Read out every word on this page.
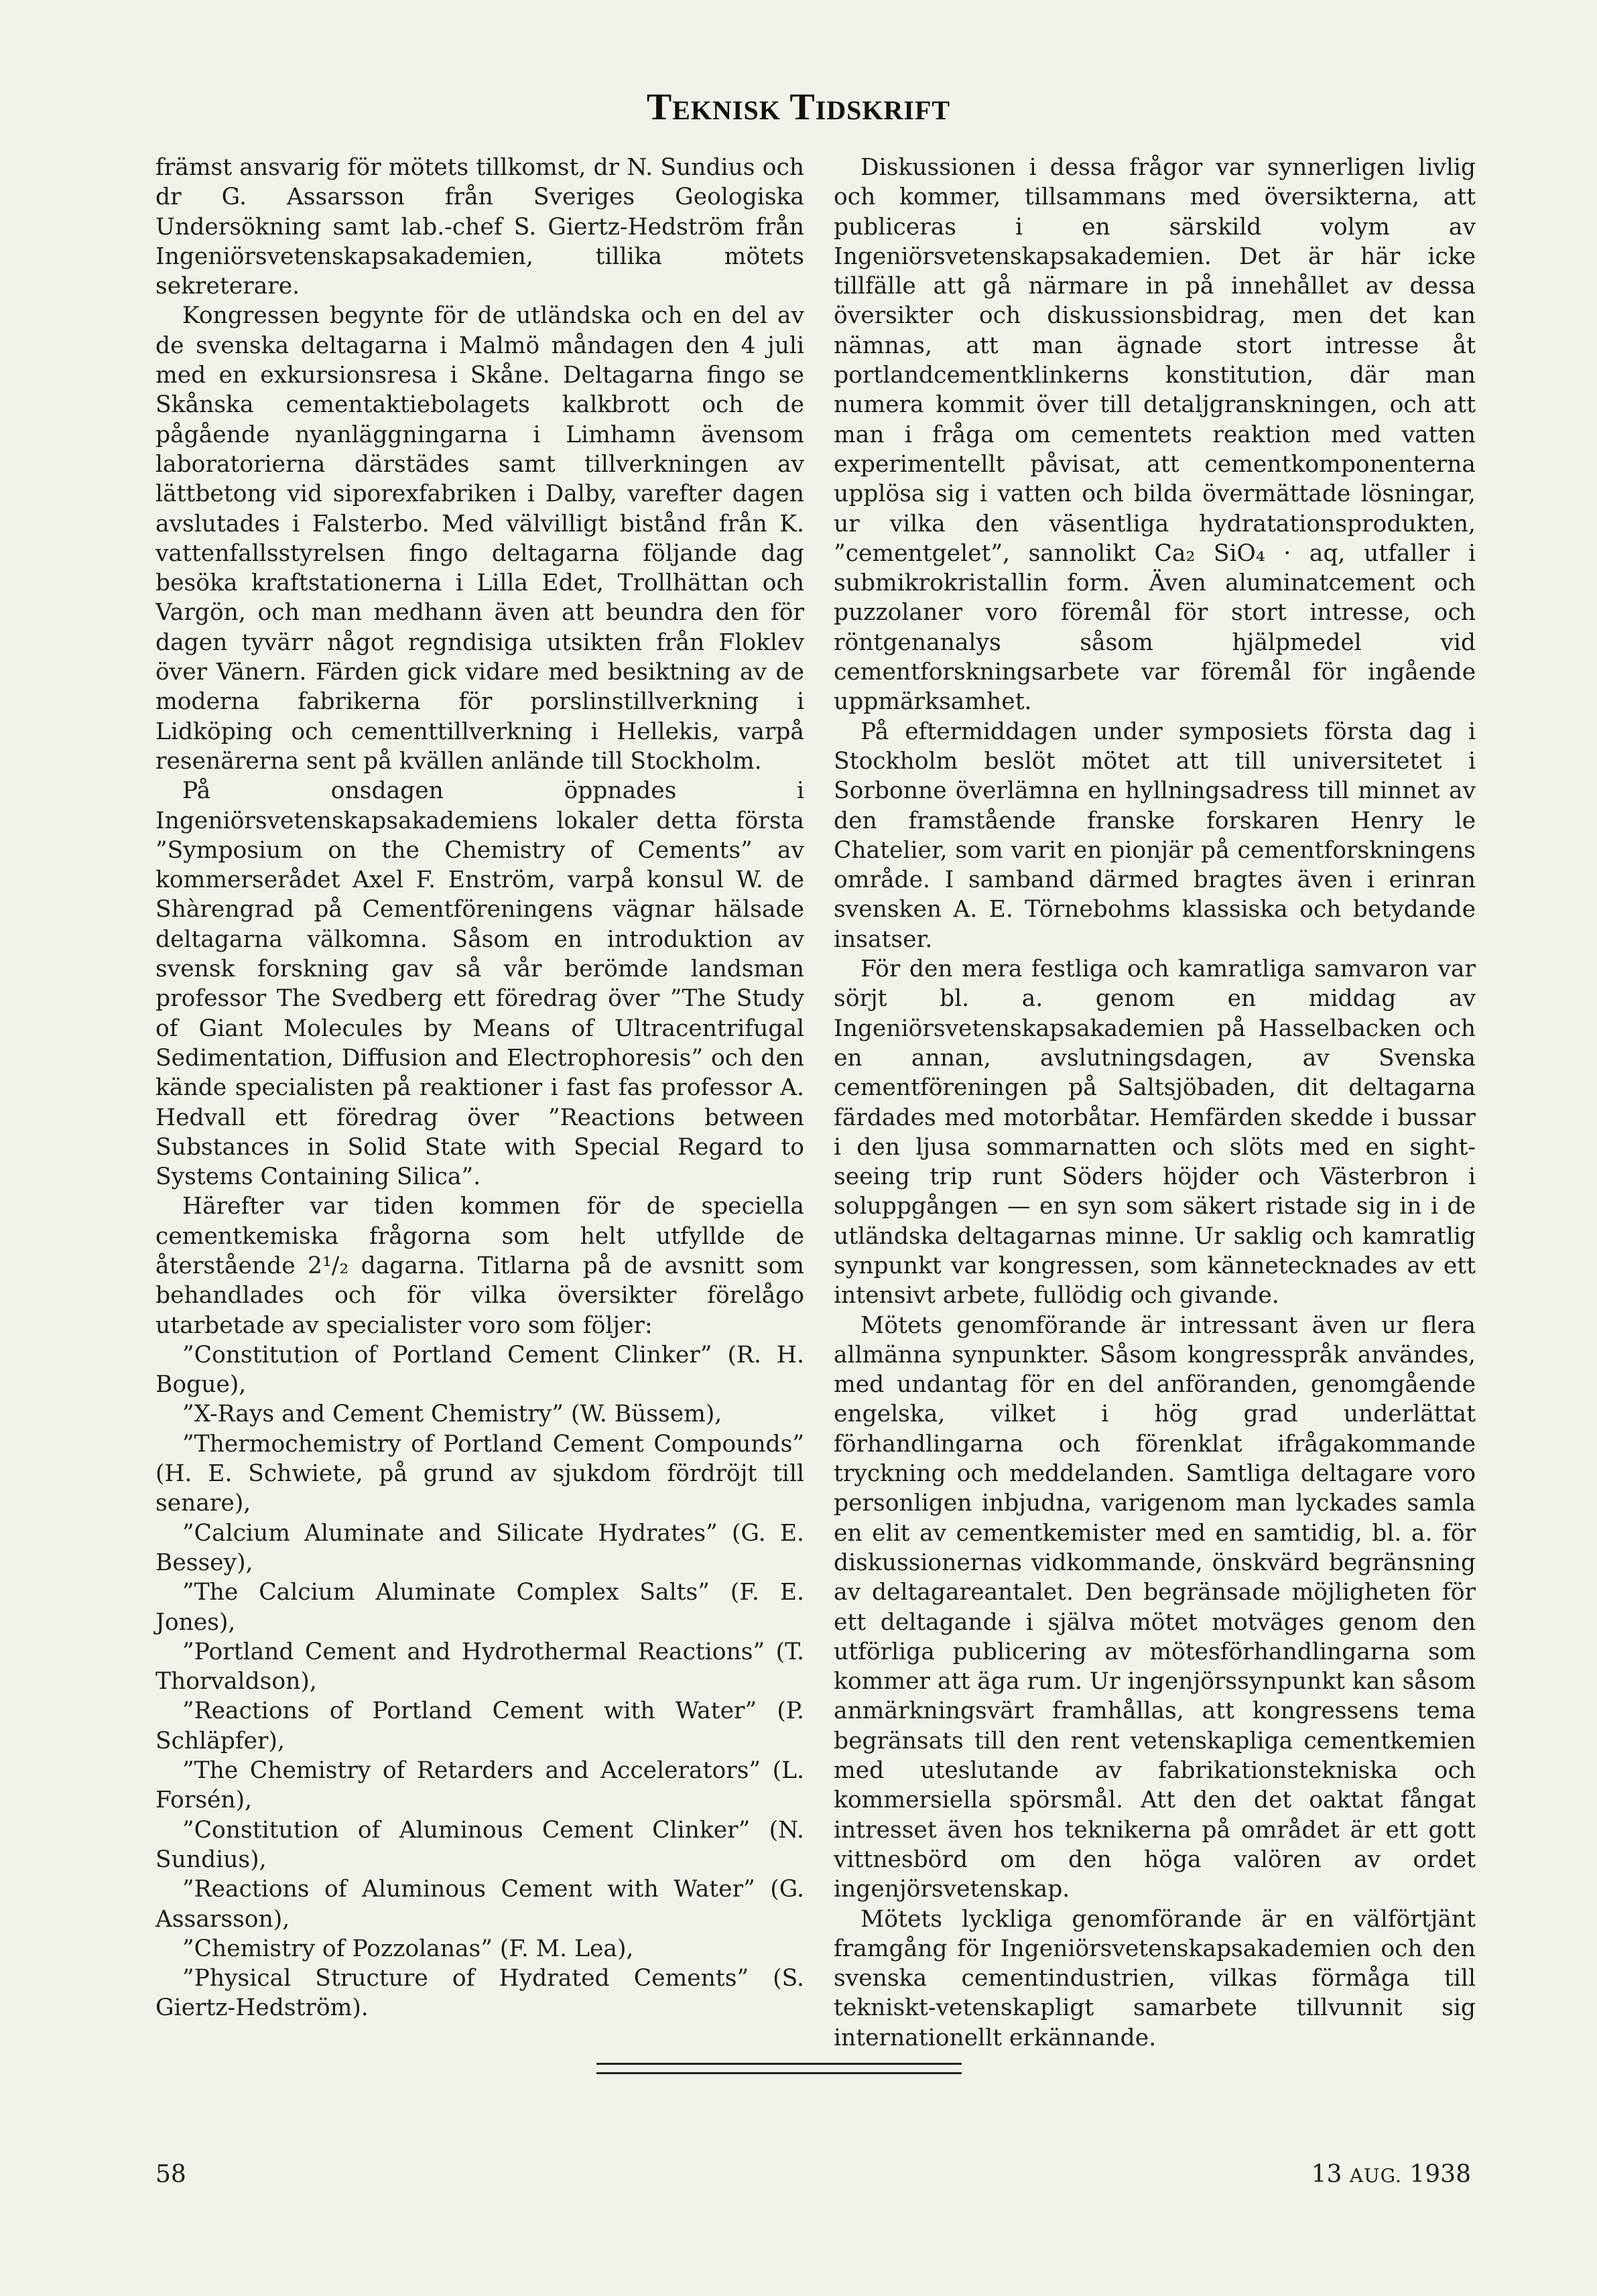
TEKNISK TIDSKRIFT

främst ansvarig för mötets tillkomst, dr N. Sundius och dr G. Assarsson från Sveriges Geologiska Undersökning samt lab.-chef S. Giertz-Hedström från Ingeniörsvetenskapsakademien, tillika mötets sekreterare.

Kongressen begynte för de utländska och en del av de svenska deltagarna i Malmö måndagen den 4 juli med en exkursionsresa i Skåne. Deltagarna fingo se Skånska cementaktiebolagets kalkbrott och de pågående nyanläggningarna i Limhamn ävensom laboratorierna därstädes samt tillverkningen av lättbetong vid siporexfabriken i Dalby, varefter dagen avslutades i Falsterbo. Med välvilligt bistånd från K. vattenfallsstyrelsen fingo deltagarna följande dag besöka kraftstationerna i Lilla Edet, Trollhättan och Vargön, och man medhann även att beundra den för dagen tyvärr något regndisiga utsikten från Floklev över Vänern. Färden gick vidare med besiktning av de moderna fabrikerna för porslinstillverkning i Lidköping och cementtillverkning i Hellekis, varpå resenärerna sent på kvällen anlände till Stockholm.

På onsdagen öppnades i Ingeniörsvetenskapsakademiens lokaler detta första ”Symposium on the Chemistry of Cements” av kommerserådet Axel F. Enström, varpå konsul W. de Shàrengrad på Cementföreningens vägnar hälsade deltagarna välkomna. Såsom en introduktion av svensk forskning gav så vår berömde landsman professor The Svedberg ett föredrag över ”The Study of Giant Molecules by Means of Ultracentrifugal Sedimentation, Diffusion and Electrophoresis” och den kände specialisten på reaktioner i fast fas professor A. Hedvall ett föredrag över ”Reactions between Substances in Solid State with Special Regard to Systems Containing Silica”.

Härefter var tiden kommen för de speciella cementkemiska frågorna som helt utfyllde de återstående 2¹/₂ dagarna. Titlarna på de avsnitt som behandlades och för vilka översikter förelågo utarbetade av specialister voro som följer:

”Constitution of Portland Cement Clinker” (R. H. Bogue),

”X-Rays and Cement Chemistry” (W. Büssem),

”Thermochemistry of Portland Cement Compounds” (H. E. Schwiete, på grund av sjukdom fördröjt till senare),

”Calcium Aluminate and Silicate Hydrates” (G. E. Bessey),

”The Calcium Aluminate Complex Salts” (F. E. Jones),

”Portland Cement and Hydrothermal Reactions” (T. Thorvaldson),

”Reactions of Portland Cement with Water” (P. Schläpfer),

”The Chemistry of Retarders and Accelerators” (L. Forsén),

”Constitution of Aluminous Cement Clinker” (N. Sundius),

”Reactions of Aluminous Cement with Water” (G. Assarsson),

”Chemistry of Pozzolanas” (F. M. Lea),

”Physical Structure of Hydrated Cements” (S. Giertz-Hedström).

Diskussionen i dessa frågor var synnerligen livlig och kommer, tillsammans med översikterna, att publiceras i en särskild volym av Ingeniörsvetenskapsakademien. Det är här icke tillfälle att gå närmare in på innehållet av dessa översikter och diskussionsbidrag, men det kan nämnas, att man ägnade stort intresse åt portlandcementklinkerns konstitution, där man numera kommit över till detaljgranskningen, och att man i fråga om cementets reaktion med vatten experimentellt påvisat, att cementkomponenterna upplösa sig i vatten och bilda övermättade lösningar, ur vilka den väsentliga hydratationsprodukten, ”cementgelet”, sannolikt Ca₂ SiO₄ · aq, utfaller i submikrokristallin form. Även aluminatcement och puzzolaner voro föremål för stort intresse, och röntgenanalys såsom hjälpmedel vid cementforskningsarbete var föremål för ingående uppmärksamhet.

På eftermiddagen under symposiets första dag i Stockholm beslöt mötet att till universitetet i Sorbonne överlämna en hyllningsadress till minnet av den framstående franske forskaren Henry le Chatelier, som varit en pionjär på cementforskningens område. I samband därmed bragtes även i erinran svensken A. E. Törnebohms klassiska och betydande insatser.

För den mera festliga och kamratliga samvaron var sörjt bl. a. genom en middag av Ingeniörsvetenskapsakademien på Hasselbacken och en annan, avslutningsdagen, av Svenska cementföreningen på Saltsjöbaden, dit deltagarna färdades med motorbåtar. Hemfärden skedde i bussar i den ljusa sommarnatten och slöts med en sight-seeing trip runt Söders höjder och Västerbron i soluppgången — en syn som säkert ristade sig in i de utländska deltagarnas minne. Ur saklig och kamratlig synpunkt var kongressen, som kännetecknades av ett intensivt arbete, fullödig och givande.

Mötets genomförande är intressant även ur flera allmänna synpunkter. Såsom kongresspråk användes, med undantag för en del anföranden, genomgående engelska, vilket i hög grad underlättat förhandlingarna och förenklat ifrågakommande tryckning och meddelanden. Samtliga deltagare voro personligen inbjudna, varigenom man lyckades samla en elit av cementkemister med en samtidig, bl. a. för diskussionernas vidkommande, önskvärd begränsning av deltagareantalet. Den begränsade möjligheten för ett deltagande i själva mötet motväges genom den utförliga publicering av mötesförhandlingarna som kommer att äga rum. Ur ingenjörssynpunkt kan såsom anmärkningsvärt framhållas, att kongressens tema begränsats till den rent vetenskapliga cementkemien med uteslutande av fabrikationstekniska och kommersiella spörsmål. Att den det oaktat fångat intresset även hos teknikerna på området är ett gott vittnesbörd om den höga valören av ordet ingenjörsvetenskap.

Mötets lyckliga genomförande är en välförtjänt framgång för Ingeniörsvetenskapsakademien och den svenska cementindustrien, vilkas förmåga till tekniskt-vetenskapligt samarbete tillvunnit sig internationellt erkännande.

58	13 AUG. 1938
